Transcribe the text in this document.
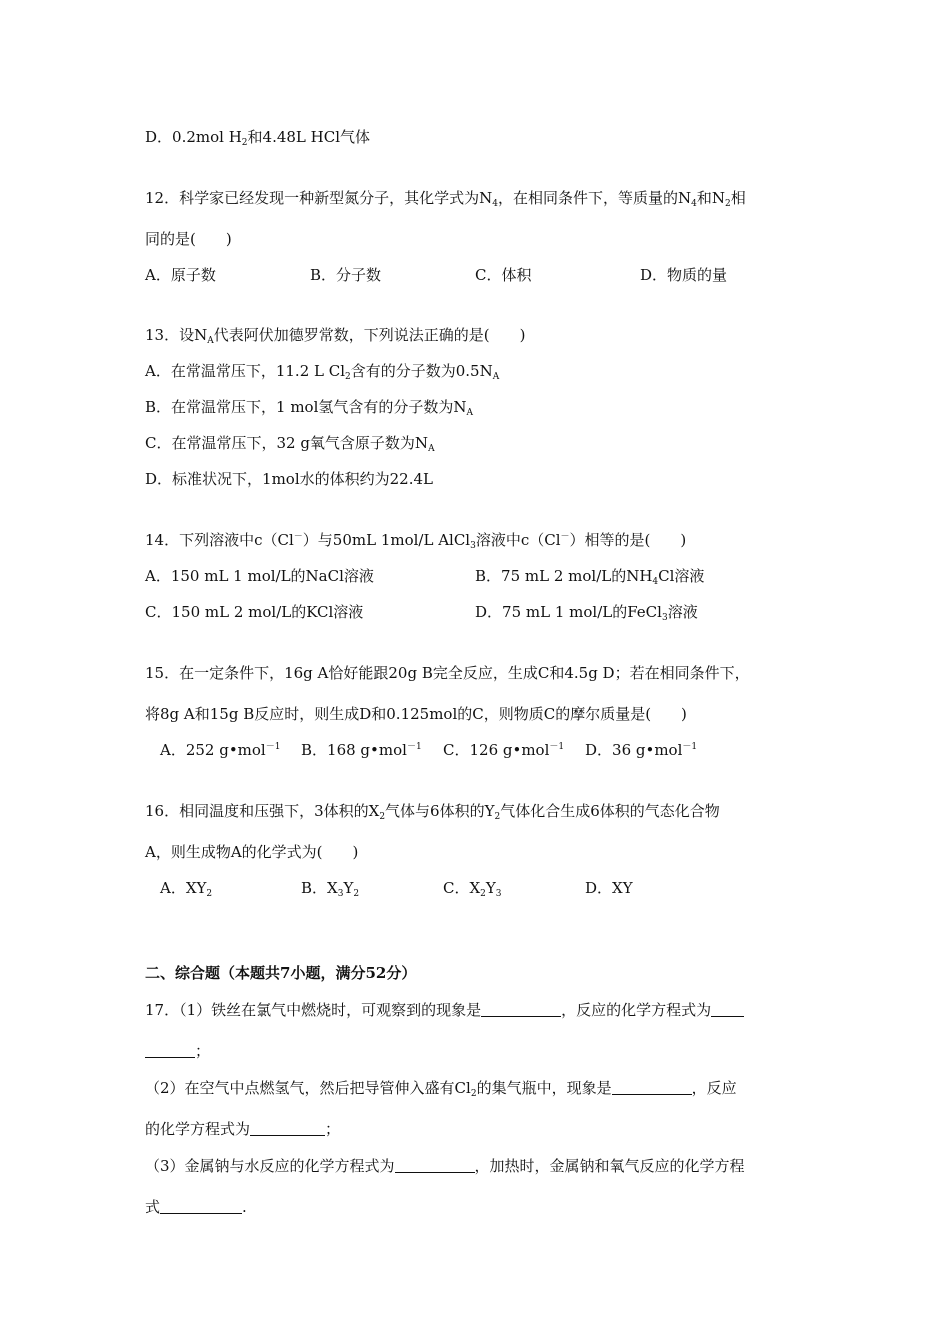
D．0.2mol $H_2$和4.48L HCl气体
12．科学家已经发现一种新型氮分子，其化学式为$N_4$，在相同条件下，等质量的$N_4$和$N_2$相
同的是(　　)
A．原子数	B．分子数	C．体积	D．物质的量
13．设$N_A$代表阿伏加德罗常数，下列说法正确的是(　　)
A．在常温常压下，11.2 L $Cl_2$含有的分子数为$0.5N_A$
B．在常温常压下，1 mol氢气含有的分子数为$N_A$
C．在常温常压下，32 g氧气含原子数为$N_A$
D．标准状况下，1mol水的体积约为22.4L
14．下列溶液中c（Cl－）与50mL 1mol/L AlCl$_3$溶液中c（Cl－）相等的是(　　)
A．150 mL 1 mol/L的NaCl溶液	B．75 mL 2 mol/L的$NH_4Cl$溶液
C．150 mL 2 mol/L的KCl溶液	D．75 mL 1 mol/L的FeCl$_3$溶液
15．在一定条件下，16g A恰好能跟20g B完全反应，生成C和4.5g D；若在相同条件下，
将8g A和15g B反应时，则生成D和0.125mol的C，则物质C的摩尔质量是(　　)
A．252 g•mol$^{-1}$ B．168 g•mol$^{-1}$ C．126 g•mol$^{-1}$ D．36 g•mol$^{-1}$
16．相同温度和压强下，3体积的$X_2$气体与6体积的$Y_2$气体化合生成6体积的气态化合物
A，则生成物A的化学式为(　　)
A．$XY_2$	B．$X_3Y_2$	C．$X_2Y_3$	D．XY
二、综合题（本题共7小题，满分52分）
17．（1）铁丝在氯气中燃烧时，可观察到的现象是	，反应的化学方程式为
；
（2）在空气中点燃氢气，然后把导管伸入盛有$Cl_2$的集气瓶中，现象是	，反应
的化学方程式为	；
（3）金属钠与水反应的化学方程式为	，加热时，金属钠和氧气反应的化学方程
式	.
